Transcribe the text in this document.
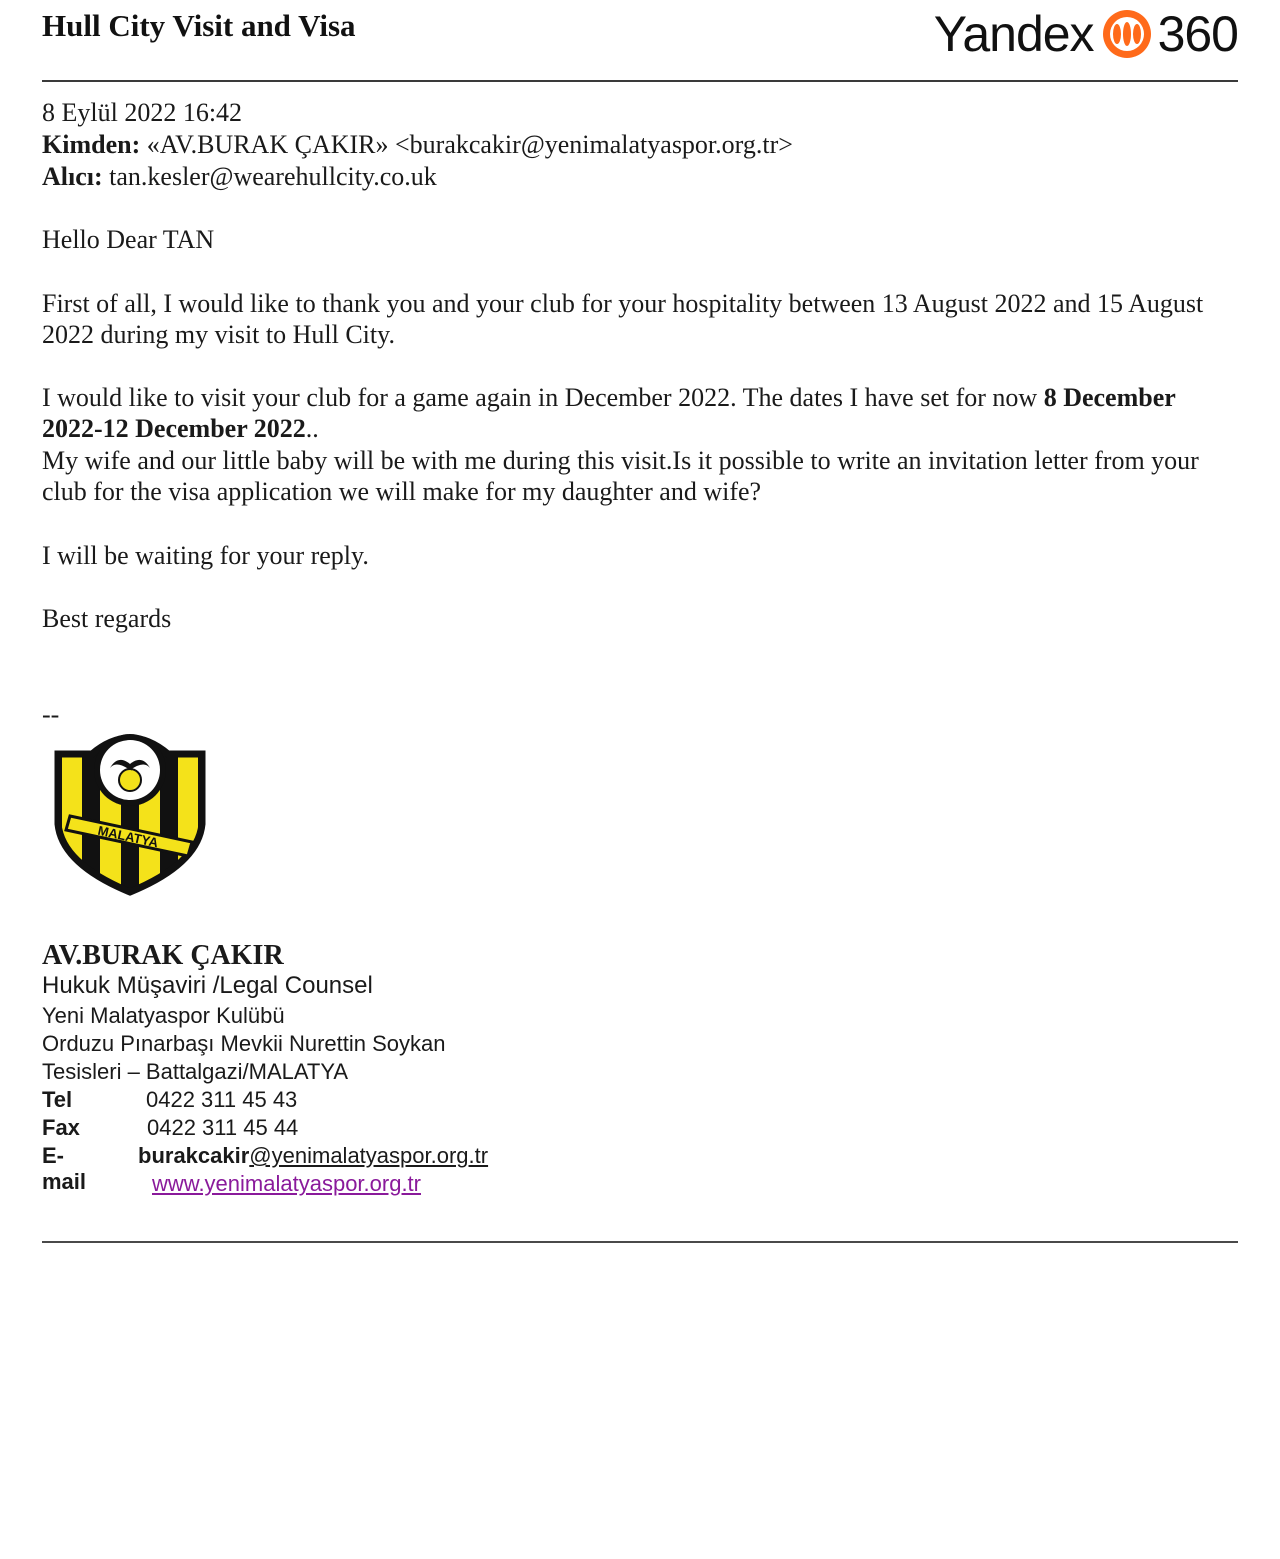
Hull City Visit and Visa	Yandex 360
8 Eylül 2022 16:42
Kimden: «AV.BURAK ÇAKIR» <burakcakir@yenimalatyaspor.org.tr>
Alıcı: tan.kesler@wearehullcity.co.uk

Hello Dear TAN

First of all, I would like to thank you and your club for your hospitality between 13 August 2022 and 15 August 2022 during my visit to Hull City.

I would like to visit your club for a game again in December 2022. The dates I have set for now 8 December 2022-12 December 2022..

My wife and our little baby will be with me during this visit.Is it possible to write an invitation letter from your club for the visa application we will make for my daughter and wife?

I will be waiting for your reply.

Best regards

--
MALATYA
AV.BURAK ÇAKIR
Hukuk Müşaviri /Legal Counsel
Yeni Malatyaspor Kulübü
Orduzu Pınarbaşı Mevkii Nurettin Soykan
Tesisleri – Battalgazi/MALATYA
Tel	0422 311 45 43
Fax	0422 311 45 44
E-mail
burakcakir@yenimalatyaspor.org.tr
www.yenimalatyaspor.org.tr
